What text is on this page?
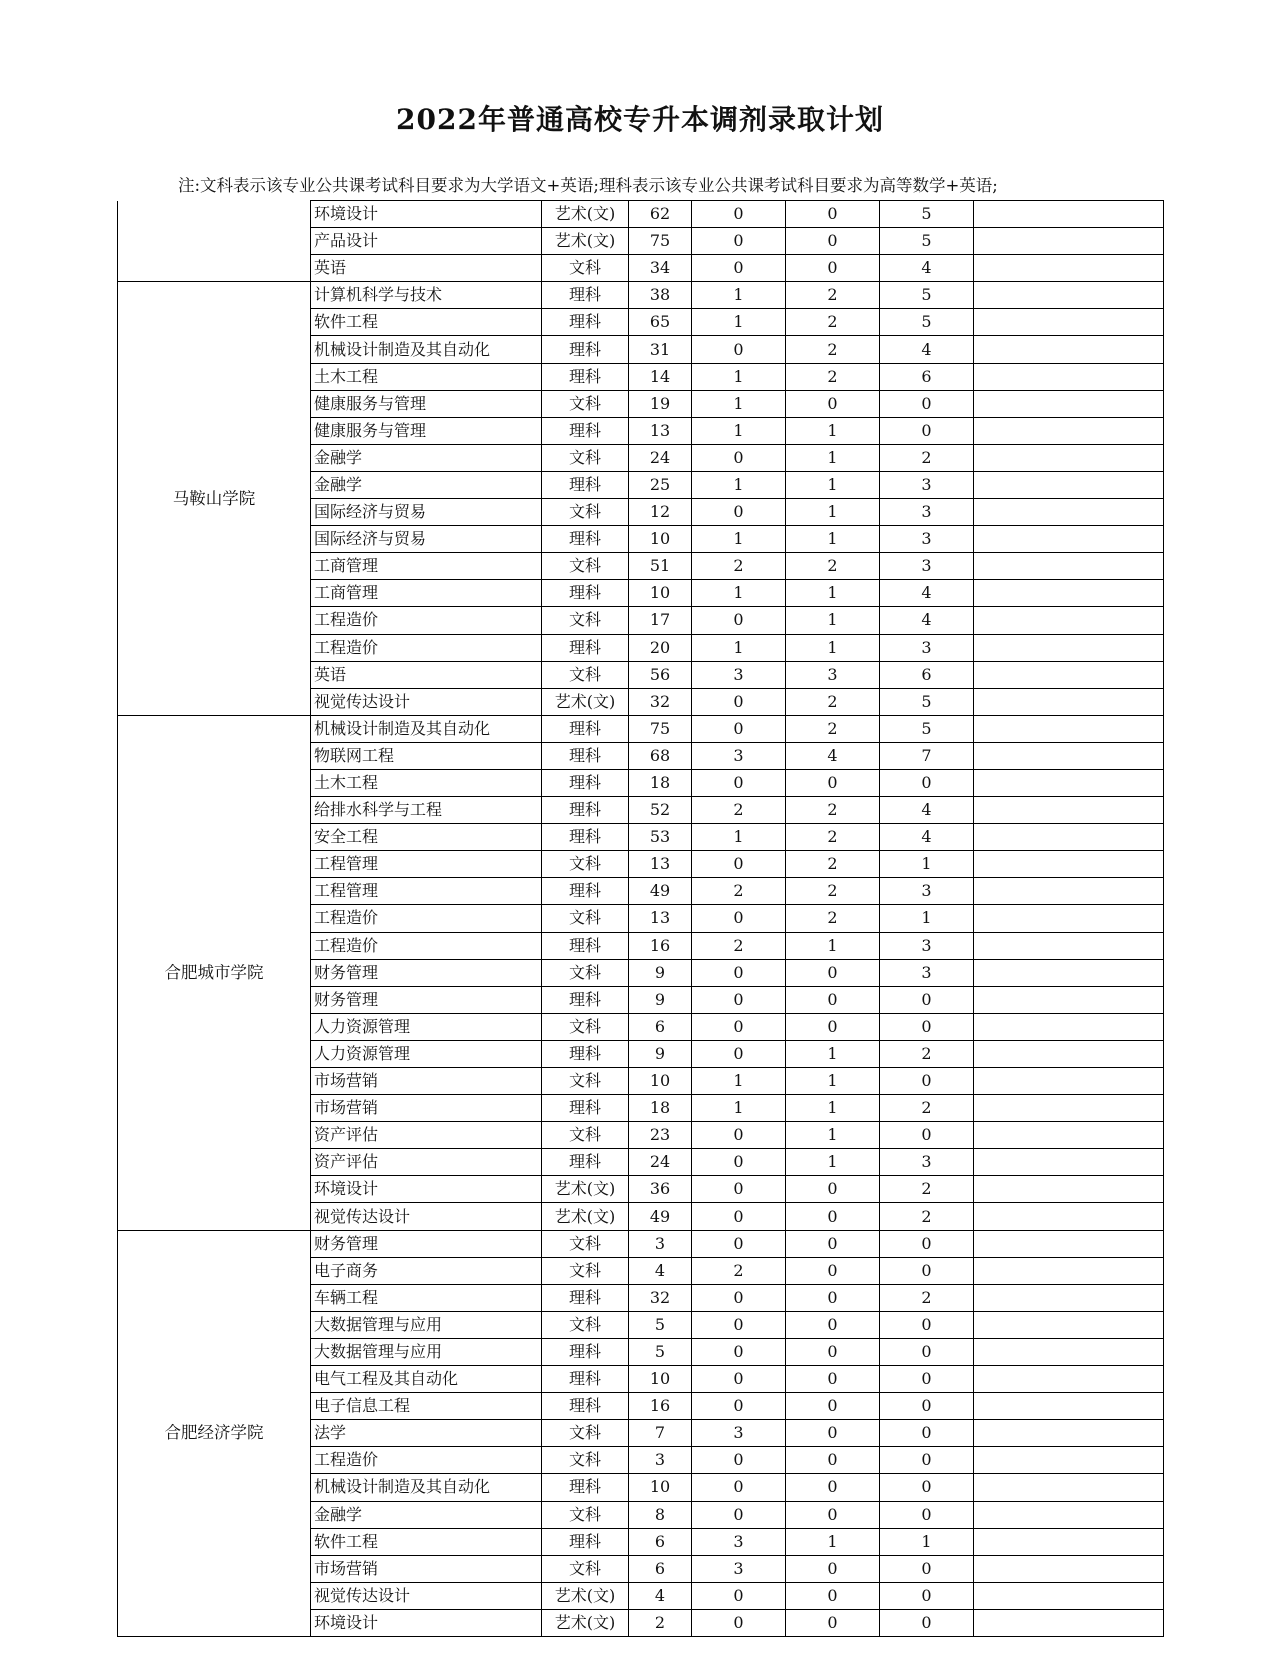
2022年普通高校专升本调剂录取计划
注:文科表示该专业公共课考试科目要求为大学语文+英语;理科表示该专业公共课考试科目要求为高等数学+英语;
	环境设计	艺术(文)	62	0	0	5	
	产品设计	艺术(文)	75	0	0	5	
	英语	文科	34	0	0	4	
马鞍山学院	计算机科学与技术	理科	38	1	2	5	
	软件工程	理科	65	1	2	5	
	机械设计制造及其自动化	理科	31	0	2	4	
	土木工程	理科	14	1	2	6	
	健康服务与管理	文科	19	1	0	0	
	健康服务与管理	理科	13	1	1	0	
	金融学	文科	24	0	1	2	
	金融学	理科	25	1	1	3	
	国际经济与贸易	文科	12	0	1	3	
	国际经济与贸易	理科	10	1	1	3	
	工商管理	文科	51	2	2	3	
	工商管理	理科	10	1	1	4	
	工程造价	文科	17	0	1	4	
	工程造价	理科	20	1	1	3	
	英语	文科	56	3	3	6	
	视觉传达设计	艺术(文)	32	0	2	5	
合肥城市学院	机械设计制造及其自动化	理科	75	0	2	5	
	物联网工程	理科	68	3	4	7	
	土木工程	理科	18	0	0	0	
	给排水科学与工程	理科	52	2	2	4	
	安全工程	理科	53	1	2	4	
	工程管理	文科	13	0	2	1	
	工程管理	理科	49	2	2	3	
	工程造价	文科	13	0	2	1	
	工程造价	理科	16	2	1	3	
	财务管理	文科	9	0	0	3	
	财务管理	理科	9	0	0	0	
	人力资源管理	文科	6	0	0	0	
	人力资源管理	理科	9	0	1	2	
	市场营销	文科	10	1	1	0	
	市场营销	理科	18	1	1	2	
	资产评估	文科	23	0	1	0	
	资产评估	理科	24	0	1	3	
	环境设计	艺术(文)	36	0	0	2	
	视觉传达设计	艺术(文)	49	0	0	2	
合肥经济学院	财务管理	文科	3	0	0	0	
	电子商务	文科	4	2	0	0	
	车辆工程	理科	32	0	0	2	
	大数据管理与应用	文科	5	0	0	0	
	大数据管理与应用	理科	5	0	0	0	
	电气工程及其自动化	理科	10	0	0	0	
	电子信息工程	理科	16	0	0	0	
	法学	文科	7	3	0	0	
	工程造价	文科	3	0	0	0	
	机械设计制造及其自动化	理科	10	0	0	0	
	金融学	文科	8	0	0	0	
	软件工程	理科	6	3	1	1	
	市场营销	文科	6	3	0	0	
	视觉传达设计	艺术(文)	4	0	0	0	
	环境设计	艺术(文)	2	0	0	0	
